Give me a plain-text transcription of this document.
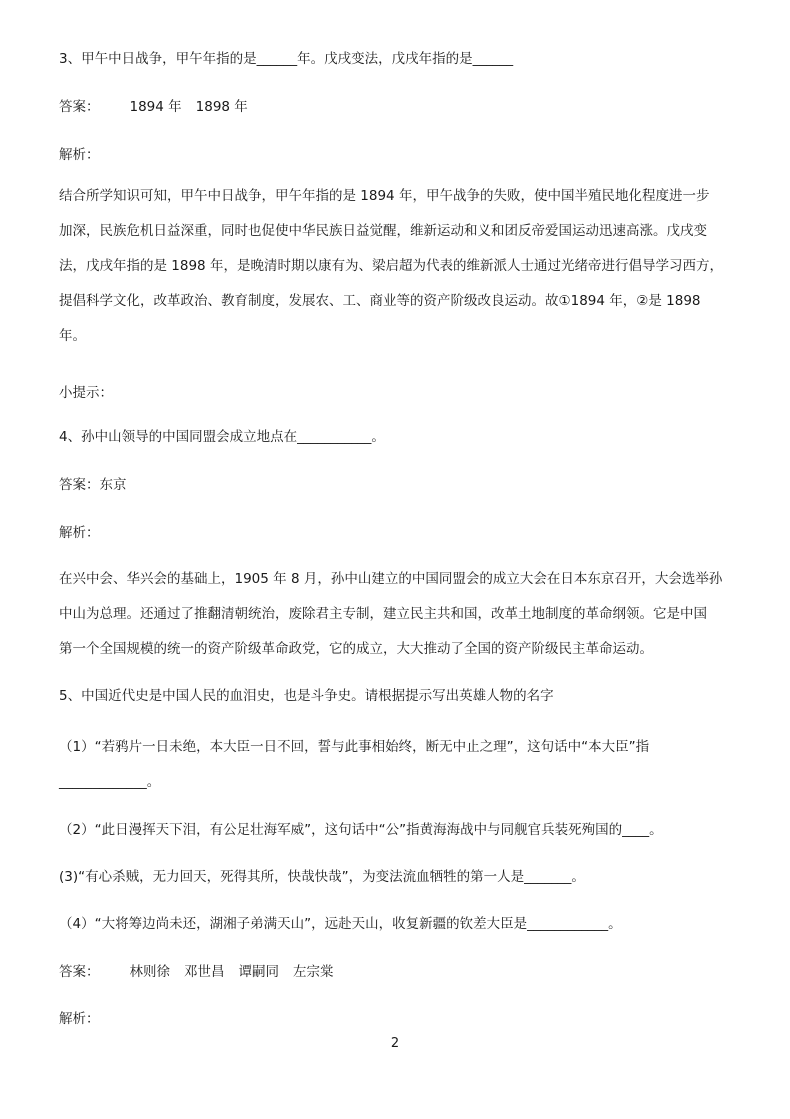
3、甲午中日战争，甲午年指的是______年。戊戌变法，戊戌年指的是______
答案： 1894 年 1898 年
解析：
结合所学知识可知，甲午中日战争，甲午年指的是 1894 年，甲午战争的失败，使中国半殖民地化程度进一步
加深，民族危机日益深重，同时也促使中华民族日益觉醒，维新运动和义和团反帝爱国运动迅速高涨。戊戌变
法，戊戌年指的是 1898 年，是晚清时期以康有为、梁启超为代表的维新派人士通过光绪帝进行倡导学习西方，
提倡科学文化，改革政治、教育制度，发展农、工、商业等的资产阶级改良运动。故①1894 年，②是 1898
年。
小提示：
4、孙中山领导的中国同盟会成立地点在___________。
答案：东京
解析：
在兴中会、华兴会的基础上，1905 年 8 月，孙中山建立的中国同盟会的成立大会在日本东京召开，大会选举孙
中山为总理。还通过了推翻清朝统治，废除君主专制，建立民主共和国，改革土地制度的革命纲领。它是中国
第一个全国规模的统一的资产阶级革命政党，它的成立，大大推动了全国的资产阶级民主革命运动。
5、中国近代史是中国人民的血泪史，也是斗争史。请根据提示写出英雄人物的名字
（1）“若鸦片一日未绝，本大臣一日不回，誓与此事相始终，断无中止之理”，这句话中“本大臣”指
_____________。
（2）“此日漫挥天下泪，有公足壮海军威”，这句话中“公”指黄海海战中与同舰官兵装死殉国的____。
(3)“有心杀贼，无力回天，死得其所，快哉快哉”，为变法流血牺牲的第一人是_______。
（4）“大将筹边尚未还，湖湘子弟满天山”，远赴天山，收复新疆的钦差大臣是____________。
答案： 林则徐 邓世昌 谭嗣同 左宗棠
解析：
2
